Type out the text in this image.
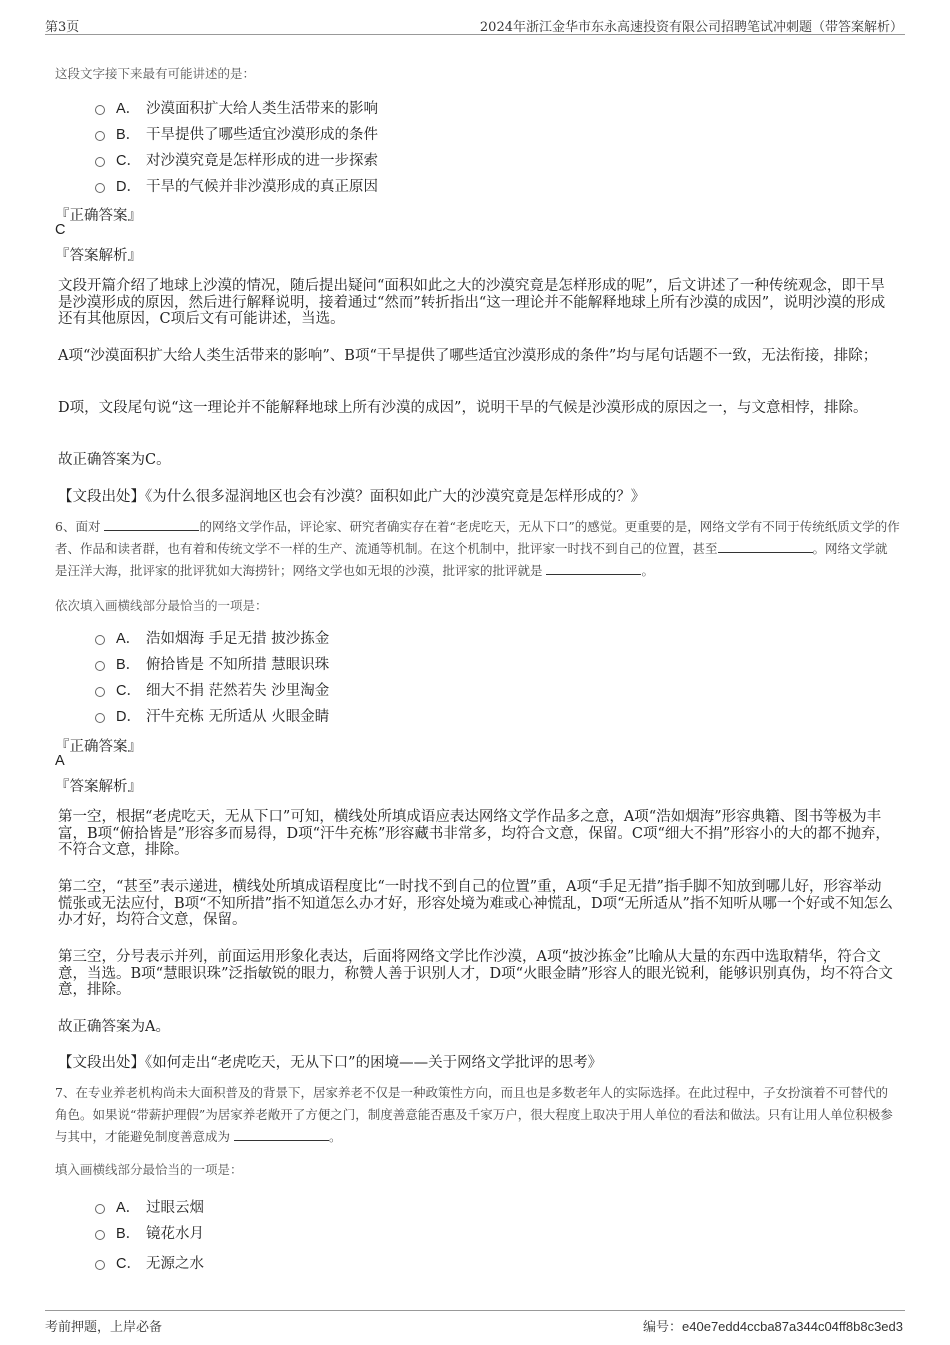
第3页	2024年浙江金华市东永高速投资有限公司招聘笔试冲刺题（带答案解析）
这段文字接下来最有可能讲述的是：
A． 沙漠面积扩大给人类生活带来的影响
B． 干旱提供了哪些适宜沙漠形成的条件
C． 对沙漠究竟是怎样形成的进一步探索
D． 干旱的气候并非沙漠形成的真正原因
『正确答案』
C
『答案解析』
文段开篇介绍了地球上沙漠的情况，随后提出疑问“面积如此之大的沙漠究竟是怎样形成的呢”，后文讲述了一种传统观念，即干旱是沙漠形成的原因，然后进行解释说明，接着通过“然而”转折指出“这一理论并不能解释地球上所有沙漠的成因”，说明沙漠的形成还有其他原因，C项后文有可能讲述，当选。
A项“沙漠面积扩大给人类生活带来的影响”、B项“干旱提供了哪些适宜沙漠形成的条件”均与尾句话题不一致，无法衔接，排除；
D项，文段尾句说“这一理论并不能解释地球上所有沙漠的成因”，说明干旱的气候是沙漠形成的原因之一，与文意相悖，排除。
故正确答案为C。
【文段出处】《为什么很多湿润地区也会有沙漠？面积如此广大的沙漠究竟是怎样形成的？》
6、面对	的网络文学作品，评论家、研究者确实存在着“老虎吃天，无从下口”的感觉。更重要的是，网络文学有不同于传统纸质文学的作者、作品和读者群，也有着和传统文学不一样的生产、流通等机制。在这个机制中，批评家一时找不到自己的位置，甚至	。网络文学就是汪洋大海，批评家的批评犹如大海捞针；网络文学也如无垠的沙漠，批评家的批评就是	。
依次填入画横线部分最恰当的一项是：
A． 浩如烟海 手足无措 披沙拣金
B． 俯拾皆是 不知所措 慧眼识珠
C． 细大不捐 茫然若失 沙里淘金
D． 汗牛充栋 无所适从 火眼金睛
『正确答案』
A
『答案解析』
第一空，根据“老虎吃天，无从下口”可知，横线处所填成语应表达网络文学作品多之意，A项“浩如烟海”形容典籍、图书等极为丰富，B项“俯拾皆是”形容多而易得，D项“汗牛充栋”形容藏书非常多，均符合文意，保留。C项“细大不捐”形容小的大的都不抛弃，不符合文意，排除。
第二空，“甚至”表示递进，横线处所填成语程度比“一时找不到自己的位置”重，A项“手足无措”指手脚不知放到哪儿好，形容举动慌张或无法应付，B项“不知所措”指不知道怎么办才好，形容处境为难或心神慌乱，D项“无所适从”指不知听从哪一个好或不知怎么办才好，均符合文意，保留。
第三空，分号表示并列，前面运用形象化表达，后面将网络文学比作沙漠，A项“披沙拣金”比喻从大量的东西中选取精华，符合文意，当选。B项“慧眼识珠”泛指敏锐的眼力，称赞人善于识别人才，D项“火眼金睛”形容人的眼光锐利，能够识别真伪，均不符合文意，排除。
故正确答案为A。
【文段出处】《如何走出“老虎吃天，无从下口”的困境——关于网络文学批评的思考》
7、在专业养老机构尚未大面积普及的背景下，居家养老不仅是一种政策性方向，而且也是多数老年人的实际选择。在此过程中，子女扮演着不可替代的角色。如果说“带薪护理假”为居家养老敞开了方便之门，制度善意能否惠及千家万户，很大程度上取决于用人单位的看法和做法。只有让用人单位积极参与其中，才能避免制度善意成为	。
填入画横线部分最恰当的一项是：
A． 过眼云烟
B． 镜花水月
C． 无源之水
考前押题，上岸必备	编号：e40e7edd4ccba87a344c04ff8b8c3ed3
